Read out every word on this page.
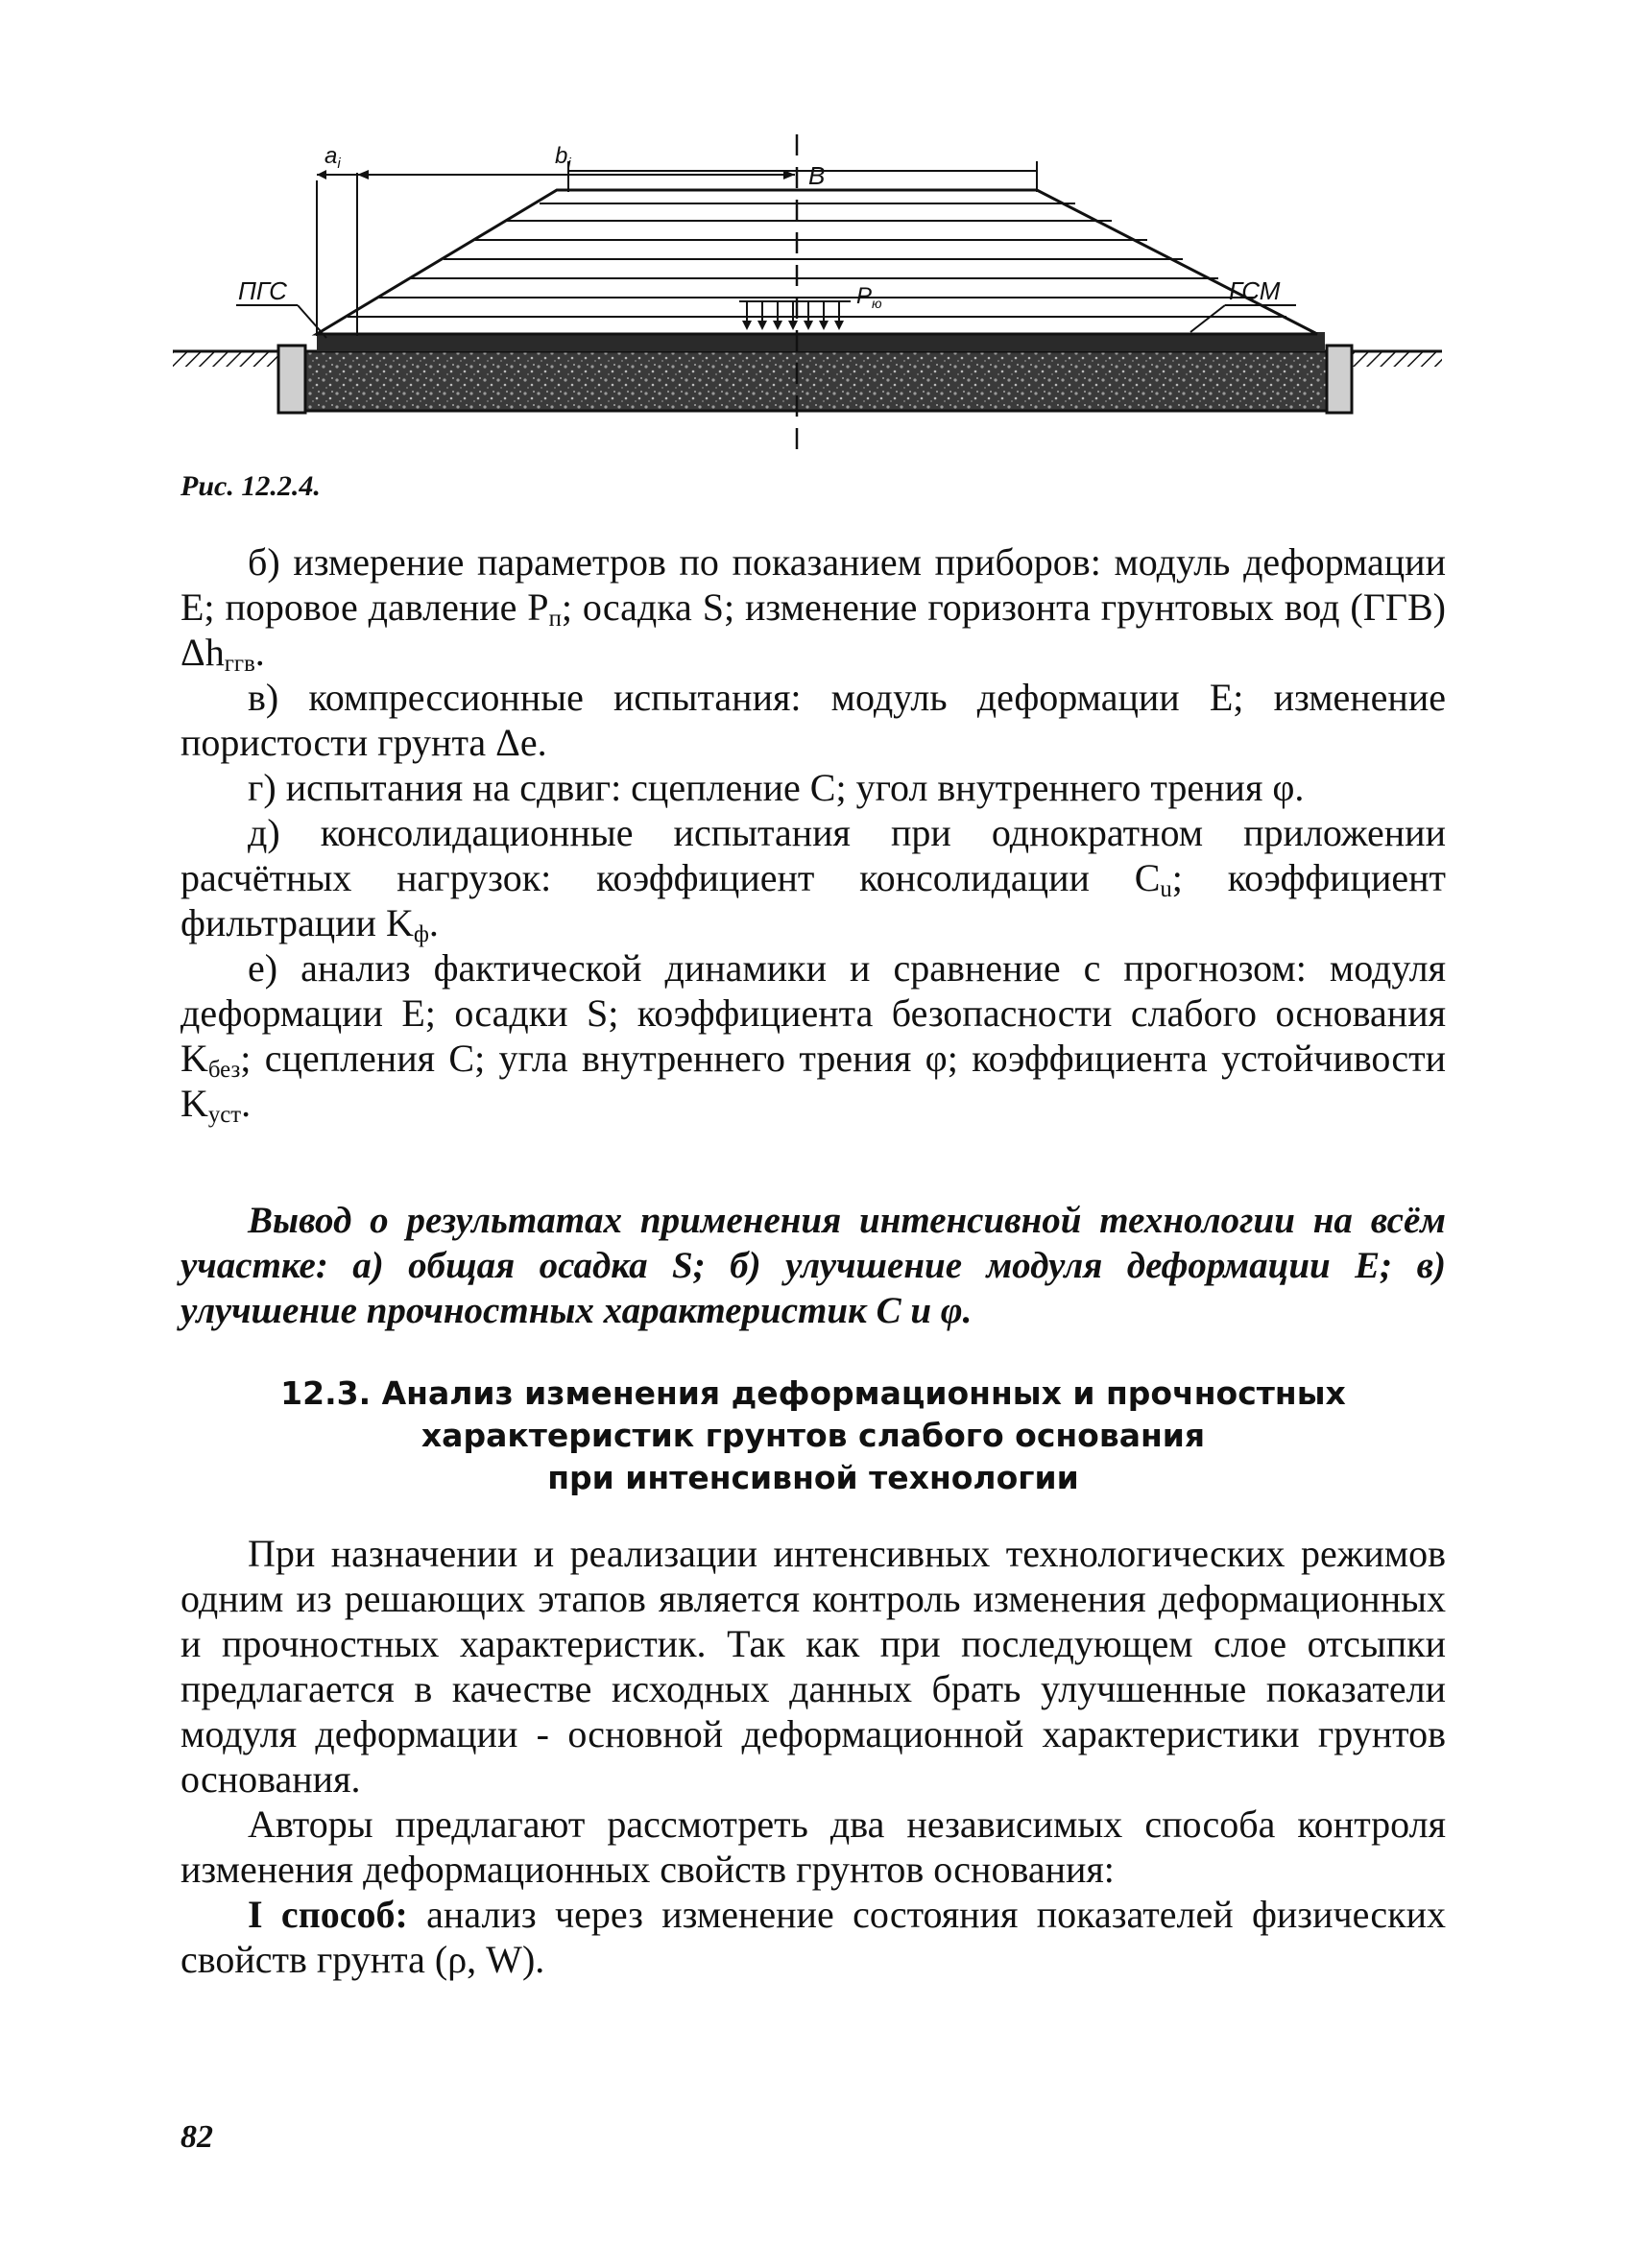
$a_i$	$b_i$	B
$P_ю$
ПГС	ГСМ
Рис. 12.2.4.

б) измерение параметров по показанием приборов: модуль деформации E; поровое давление $P_п$; осадка S; изменение горизонта грунтовых вод (ГГВ) $\Delta h_{ггв}$.

в) компрессионные испытания: модуль деформации E; изменение пористости грунта Δe.

г) испытания на сдвиг: сцепление C; угол внутреннего трения φ.

д) консолидационные испытания при однократном приложении расчётных нагрузок: коэффициент консолидации $C_u$; коэффициент фильтрации $K_ф$.

е) анализ фактической динамики и сравнение с прогнозом: модуля деформации E; осадки S; коэффициента безопасности слабого основания $K_{без}$; сцепления C; угла внутреннего трения φ; коэффициента устойчивости $K_{уст}$.

Вывод о результатах применения интенсивной технологии на всём участке: а) общая осадка S; б) улучшение модуля деформации E; в) улучшение прочностных характеристик C и φ.
12.3. Анализ изменения деформационных и прочностных
характеристик грунтов слабого основания
при интенсивной технологии

При назначении и реализации интенсивных технологических режимов одним из решающих этапов является контроль изменения деформационных и прочностных характеристик. Так как при последующем слое отсыпки предлагается в качестве исходных данных брать улучшенные показатели модуля деформации - основной деформационной характеристики грунтов основания.

Авторы предлагают рассмотреть два независимых способа контроля изменения деформационных свойств грунтов основания:

I способ: анализ через изменение состояния показателей физических свойств грунта (ρ, W).

82
